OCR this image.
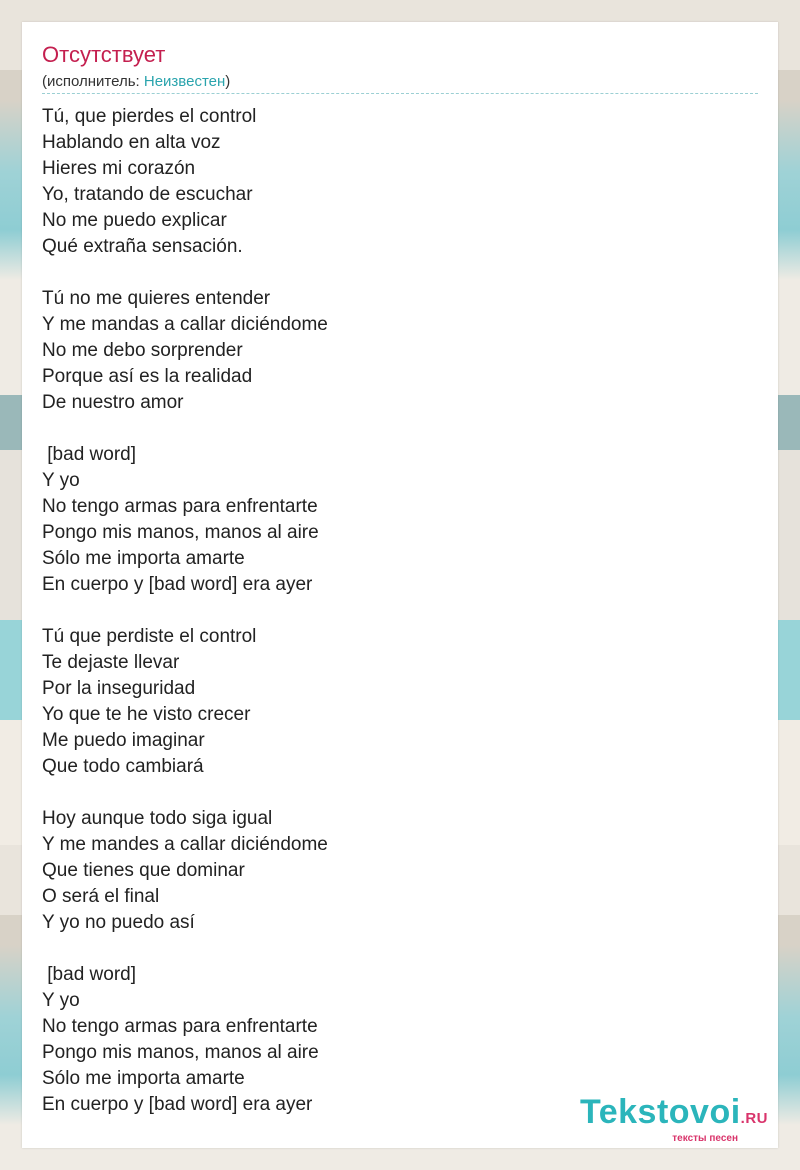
Отсутствует
(исполнитель: Неизвестен)
Tú, que pierdes el control
Hablando en alta voz
Hieres mi corazón
Yo, tratando de escuchar
No me puedo explicar
Qué extraña sensación.
Tú no me quieres entender
Y me mandas a callar diciéndome
No me debo sorprender
Porque así es la realidad
De nuestro amor
[bad word]
Y yo
No tengo armas para enfrentarte
Pongo mis manos, manos al aire
Sólo me importa amarte
En cuerpo y [bad word] era ayer
Tú que perdiste el control
Te dejaste llevar
Por la inseguridad
Yo que te he visto crecer
Me puedo imaginar
Que todo cambiará
Hoy aunque todo siga igual
Y me mandes a callar diciéndome
Que tienes que dominar
O será el final
Y yo no puedo así
[bad word]
Y yo
No tengo armas para enfrentarte
Pongo mis manos, manos al aire
Sólo me importa amarte
En cuerpo y [bad word] era ayer	Tekstovoi.RU
тексты песен
